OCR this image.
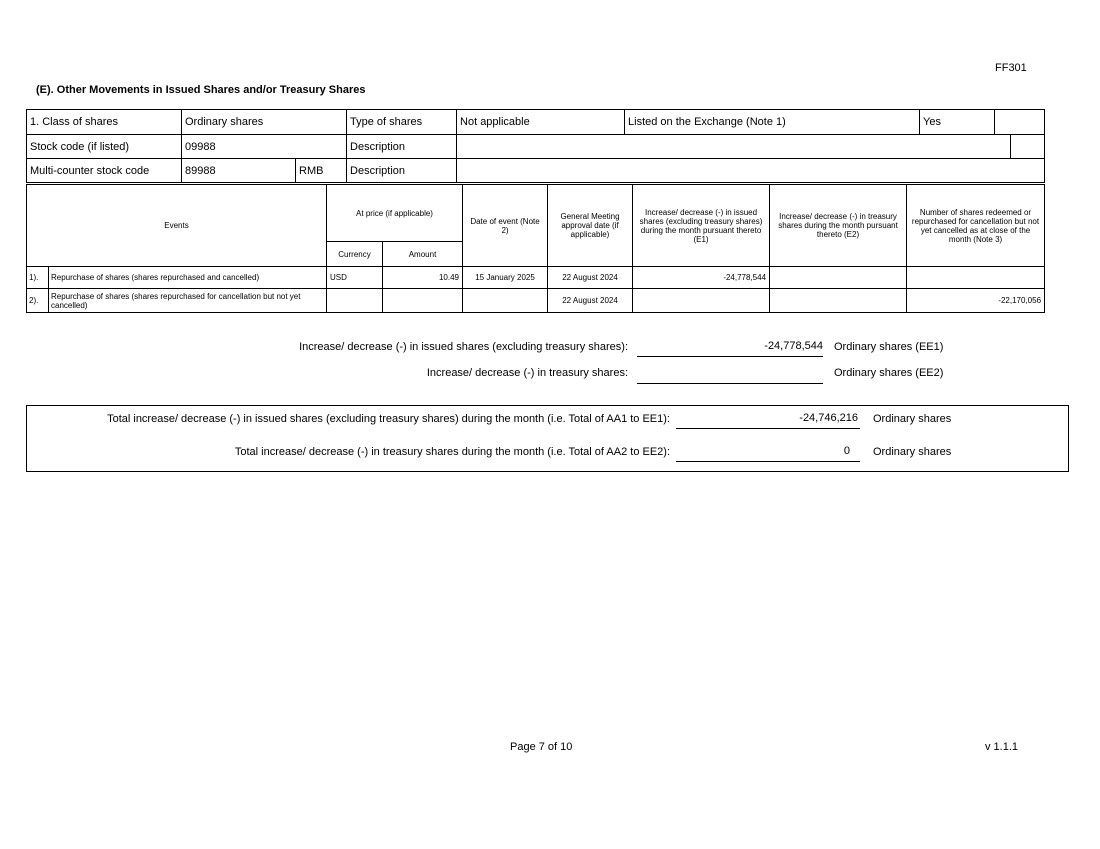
FF301
(E). Other Movements in Issued Shares and/or Treasury Shares
1. Class of shares	Ordinary shares		Type of shares	Not applicable	Listed on the Exchange (Note 1)	Yes		
Stock code (if listed)	09988		Description					
Multi-counter stock code	89988	RMB	Description					
Events		At price (if applicable)		Date of event (Note 2)	General Meeting approval date (if applicable)	Increase/ decrease (-) in issued shares (excluding treasury shares) during the month pursuant thereto (E1)	Increase/ decrease (-) in treasury shares during the month pursuant thereto (E2)	Number of shares redeemed or repurchased for cancellation but not yet cancelled as at close of the month (Note 3)
		Currency	Amount					
1).	Repurchase of shares (shares repurchased and cancelled)	USD	10.49	15 January 2025	22 August 2024	-24,778,544		
2).	Repurchase of shares (shares repurchased for cancellation but not yet cancelled)				22 August 2024			-22,170,056
Increase/ decrease (-) in issued shares (excluding treasury shares):	-24,778,544 Ordinary shares (EE1)
Increase/ decrease (-) in treasury shares:	Ordinary shares (EE2)
Total increase/ decrease (-) in issued shares (excluding treasury shares) during the month (i.e. Total of AA1 to EE1):	-24,746,216 Ordinary shares
Total increase/ decrease (-) in treasury shares during the month (i.e. Total of AA2 to EE2):	0	Ordinary shares
Page 7 of 10	v 1.1.1
